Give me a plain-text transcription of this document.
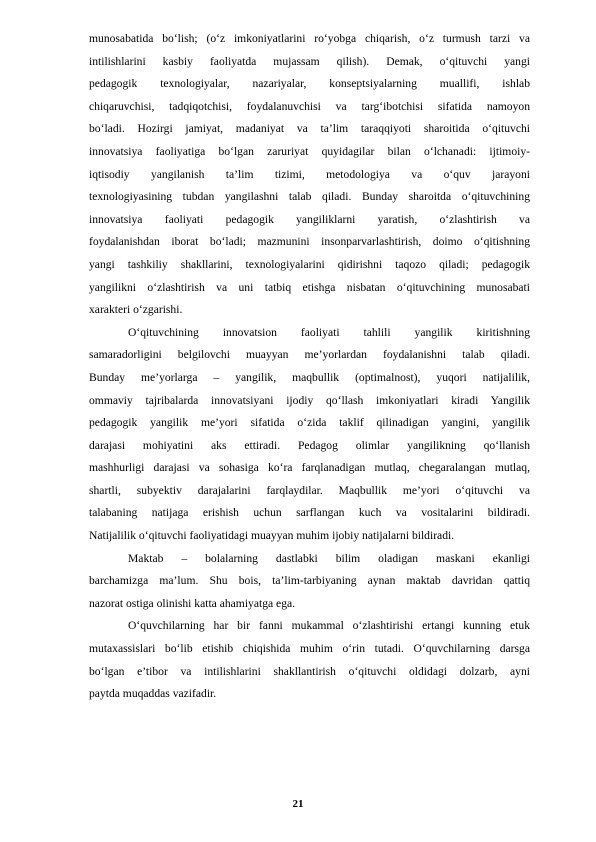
munosabatida bo‘lish; (o‘z imkoniyatlarini ro‘yobga chiqarish, o‘z turmush tarzi va
intilishlarini kasbiy faoliyatda mujassam qilish). Demak, o‘qituvchi yangi
pedagogik texnologiyalar, nazariyalar, konseptsiyalarning muallifi, ishlab
chiqaruvchisi, tadqiqotchisi, foydalanuvchisi va targ‘ibotchisi sifatida namoyon
bo‘ladi. Hozirgi jamiyat, madaniyat va ta’lim taraqqiyoti sharoitida o‘qituvchi
innovatsiya faoliyatiga bo‘lgan zaruriyat quyidagilar bilan o‘lchanadi: ijtimoiy-
iqtisodiy yangilanish ta’lim tizimi, metodologiya va o‘quv jarayoni
texnologiyasining tubdan yangilashni talab qiladi. Bunday sharoitda o‘qituvchining
innovatsiya faoliyati pedagogik yangiliklarni yaratish, o‘zlashtirish va
foydalanishdan iborat bo‘ladi; mazmunini insonparvarlashtirish, doimo o‘qitishning
yangi tashkiliy shakllarini, texnologiyalarini qidirishni taqozo qiladi; pedagogik
yangilikni o‘zlashtirish va uni tatbiq etishga nisbatan o‘qituvchining munosabati
xarakteri o‘zgarishi.
O‘qituvchining innovatsion faoliyati tahlili yangilik kiritishning
samaradorligini belgilovchi muayyan me’yorlardan foydalanishni talab qiladi.
Bunday me’yorlarga – yangilik, maqbullik (optimalnost), yuqori natijalilik,
ommaviy tajribalarda innovatsiyani ijodiy qo‘llash imkoniyatlari kiradi Yangilik
pedagogik yangilik me’yori sifatida o‘zida taklif qilinadigan yangini, yangilik
darajasi mohiyatini aks ettiradi. Pedagog olimlar yangilikning qo‘llanish
mashhurligi darajasi va sohasiga ko‘ra farqlanadigan mutlaq, chegaralangan mutlaq,
shartli, subyektiv darajalarini farqlaydilar. Maqbullik me’yori o‘qituvchi va
talabaning natijaga erishish uchun sarflangan kuch va vositalarini bildiradi.
Natijalilik o‘qituvchi faoliyatidagi muayyan muhim ijobiy natijalarni bildiradi.
Maktab – bolalarning dastlabki bilim oladigan maskani ekanligi
barchamizga ma’lum. Shu bois, ta’lim-tarbiyaning aynan maktab davridan qattiq
nazorat ostiga olinishi katta ahamiyatga ega.
O‘quvchilarning har bir fanni mukammal o‘zlashtirishi ertangi kunning etuk
mutaxassislari bo‘lib etishib chiqishida muhim o‘rin tutadi. O‘quvchilarning darsga
bo‘lgan e’tibor va intilishlarini shakllantirish o‘qituvchi oldidagi dolzarb, ayni
paytda muqaddas vazifadir.
21
